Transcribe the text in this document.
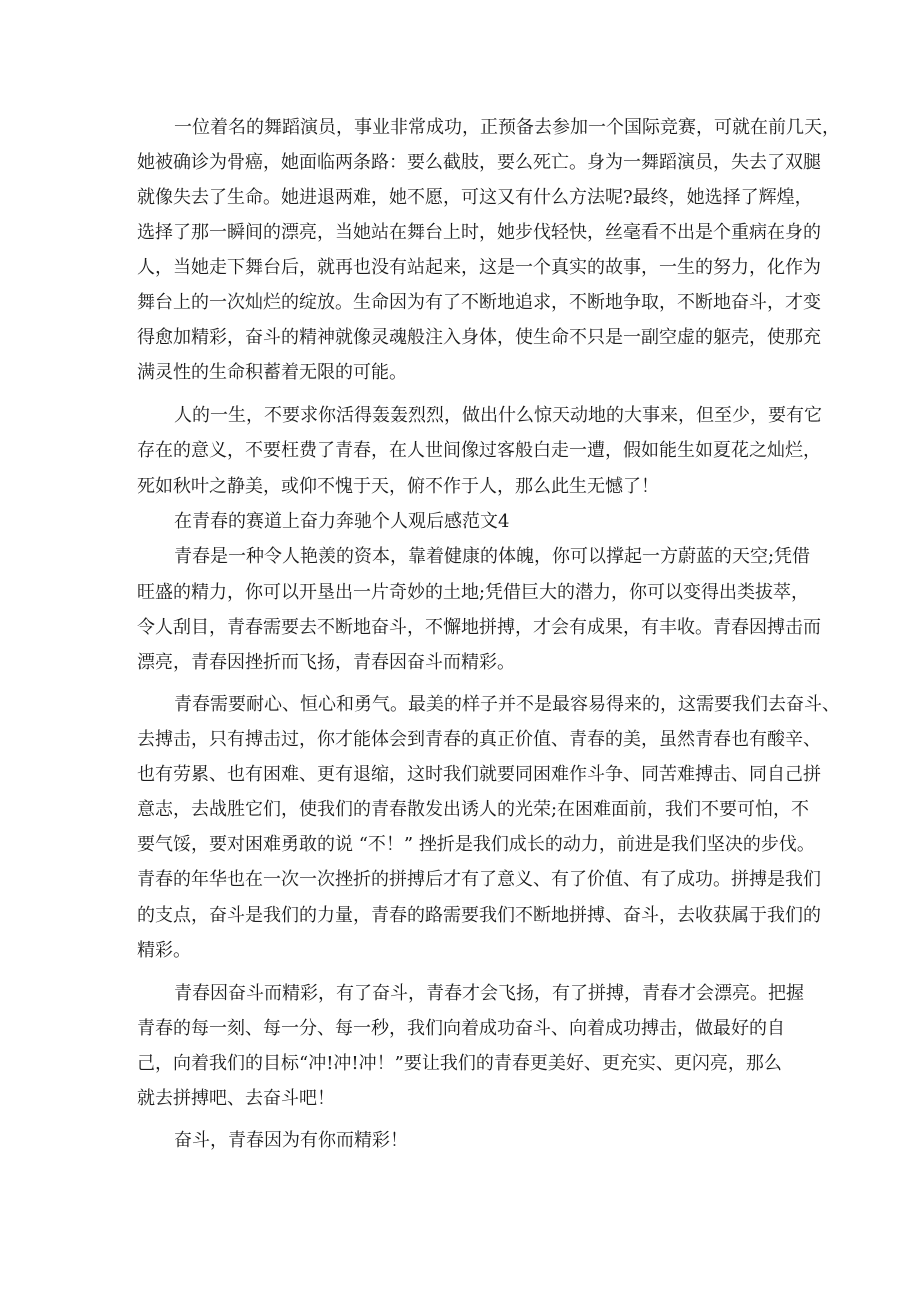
一位着名的舞蹈演员，事业非常成功，正预备去参加一个国际竞赛，可就在前几天，
她被确诊为骨癌，她面临两条路：要么截肢，要么死亡。身为一舞蹈演员，失去了双腿
就像失去了生命。她进退两难，她不愿，可这又有什么方法呢?最终，她选择了辉煌，
选择了那一瞬间的漂亮，当她站在舞台上时，她步伐轻快，丝毫看不出是个重病在身的
人，当她走下舞台后，就再也没有站起来，这是一个真实的故事，一生的努力，化作为
舞台上的一次灿烂的绽放。生命因为有了不断地追求，不断地争取，不断地奋斗，才变
得愈加精彩，奋斗的精神就像灵魂般注入身体，使生命不只是一副空虚的躯壳，使那充
满灵性的生命积蓄着无限的可能。
人的一生，不要求你活得轰轰烈烈，做出什么惊天动地的大事来，但至少，要有它
存在的意义，不要枉费了青春，在人世间像过客般白走一遭，假如能生如夏花之灿烂，
死如秋叶之静美，或仰不愧于天，俯不作于人，那么此生无憾了！
在青春的赛道上奋力奔驰个人观后感范文4
青春是一种令人艳羡的资本，靠着健康的体魄，你可以撑起一方蔚蓝的天空;凭借
旺盛的精力，你可以开垦出一片奇妙的土地;凭借巨大的潜力，你可以变得出类拔萃，
令人刮目，青春需要去不断地奋斗，不懈地拼搏，才会有成果，有丰收。青春因搏击而
漂亮，青春因挫折而飞扬，青春因奋斗而精彩。
青春需要耐心、恒心和勇气。最美的样子并不是最容易得来的，这需要我们去奋斗、
去搏击，只有搏击过，你才能体会到青春的真正价值、青春的美，虽然青春也有酸辛、
也有劳累、也有困难、更有退缩，这时我们就要同困难作斗争、同苦难搏击、同自己拼
意志，去战胜它们，使我们的青春散发出诱人的光荣;在困难面前，我们不要可怕，不
要气馁，要对困难勇敢的说 “不！” 挫折是我们成长的动力，前进是我们坚决的步伐。
青春的年华也在一次一次挫折的拼搏后才有了意义、有了价值、有了成功。拼搏是我们
的支点，奋斗是我们的力量，青春的路需要我们不断地拼搏、奋斗，去收获属于我们的
精彩。
青春因奋斗而精彩，有了奋斗，青春才会飞扬，有了拼搏，青春才会漂亮。把握
青春的每一刻、每一分、每一秒，我们向着成功奋斗、向着成功搏击，做最好的自
己，向着我们的目标“冲!冲!冲！”要让我们的青春更美好、更充实、更闪亮，那么
就去拼搏吧、去奋斗吧！
奋斗，青春因为有你而精彩！
